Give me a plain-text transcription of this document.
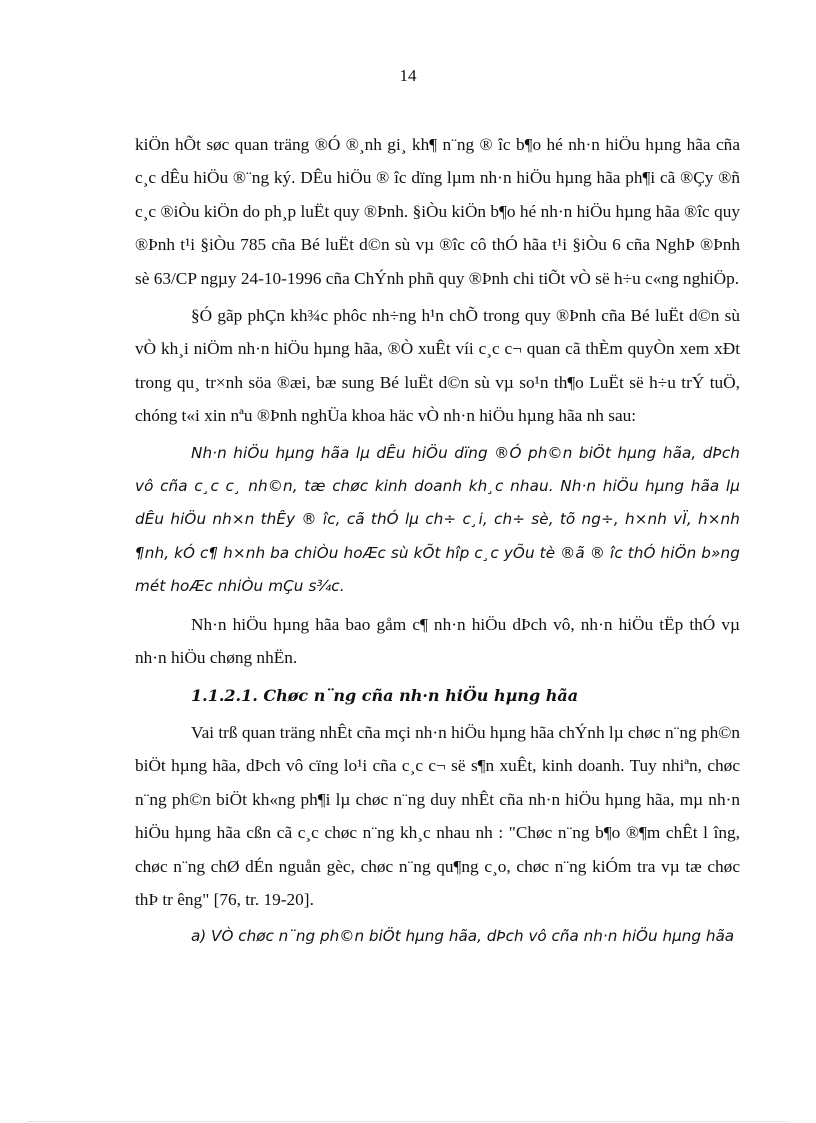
14

kiÖn hÕt søc quan träng ®Ó ®¸nh gi¸ kh¶ n¨ng ® îc b¶o hé nh·n hiÖu hµng hãa cña c¸c dÊu hiÖu ®¨ng ký. DÊu hiÖu ® îc dïng lµm nh·n hiÖu hµng hãa ph¶i cã ®Çy ®ñ c¸c ®iÒu kiÖn do ph¸p luËt quy ®Þnh. §iÒu kiÖn b¶o hé nh·n hiÖu hµng hãa ®îc quy ®Þnh t¹i §iÒu 785 cña Bé luËt d©n sù vµ ®îc cô thÓ hãa t¹i §iÒu 6 cña NghÞ ®Þnh sè 63/CP ngµy 24-10-1996 cña ChÝnh phñ quy ®Þnh chi tiÕt vÒ së h÷u c«ng nghiÖp.

§Ó gãp phÇn kh¾c phôc nh÷ng h¹n chÕ trong quy ®Þnh cña Bé luËt d©n sù vÒ kh¸i niÖm nh·n hiÖu hµng hãa, ®Ò xuÊt víi c¸c c¬ quan cã thÈm quyÒn xem xÐt trong qu¸ tr×nh söa ®æi, bæ sung Bé luËt d©n sù vµ so¹n th¶o LuËt së h÷u trÝ tuÖ, chóng t«i xin nªu ®Þnh nghÜa khoa häc vÒ nh·n hiÖu hµng hãa nh sau:

Nh·n hiÖu hµng hãa lµ dÊu hiÖu dïng ®Ó ph©n biÖt hµng hãa, dÞch vô cña c¸c c¸ nh©n, tæ chøc kinh doanh kh¸c nhau. Nh·n hiÖu hµng hãa lµ dÊu hiÖu nh×n thÊy ® îc, cã thÓ lµ ch÷ c¸i, ch÷ sè, tõ ng÷, h×nh vÏ, h×nh ¶nh, kÓ c¶ h×nh ba chiÒu hoÆc sù kÕt hîp c¸c yÕu tè ®ã ® îc thÓ hiÖn b»ng mét hoÆc nhiÒu mÇu s¾c.

Nh·n hiÖu hµng hãa bao gåm c¶ nh·n hiÖu dÞch vô, nh·n hiÖu tËp thÓ vµ nh·n hiÖu chøng nhËn.

1.1.2.1. Chøc n¨ng cña nh·n hiÖu hµng hãa

Vai trß quan träng nhÊt cña mçi nh·n hiÖu hµng hãa chÝnh lµ chøc n¨ng ph©n biÖt hµng hãa, dÞch vô cïng lo¹i cña c¸c c¬ së s¶n xuÊt, kinh doanh. Tuy nhiªn, chøc n¨ng ph©n biÖt kh«ng ph¶i lµ chøc n¨ng duy nhÊt cña nh·n hiÖu hµng hãa, mµ nh·n hiÖu hµng hãa cßn cã c¸c chøc n¨ng kh¸c nhau nh : "Chøc n¨ng b¶o ®¶m chÊt l îng, chøc n¨ng chØ dÉn nguån gèc, chøc n¨ng qu¶ng c¸o, chøc n¨ng kiÓm tra vµ tæ chøc thÞ tr êng" [76, tr. 19-20].

a) VÒ chøc n¨ng ph©n biÖt hµng hãa, dÞch vô cña nh·n hiÖu hµng hãa
